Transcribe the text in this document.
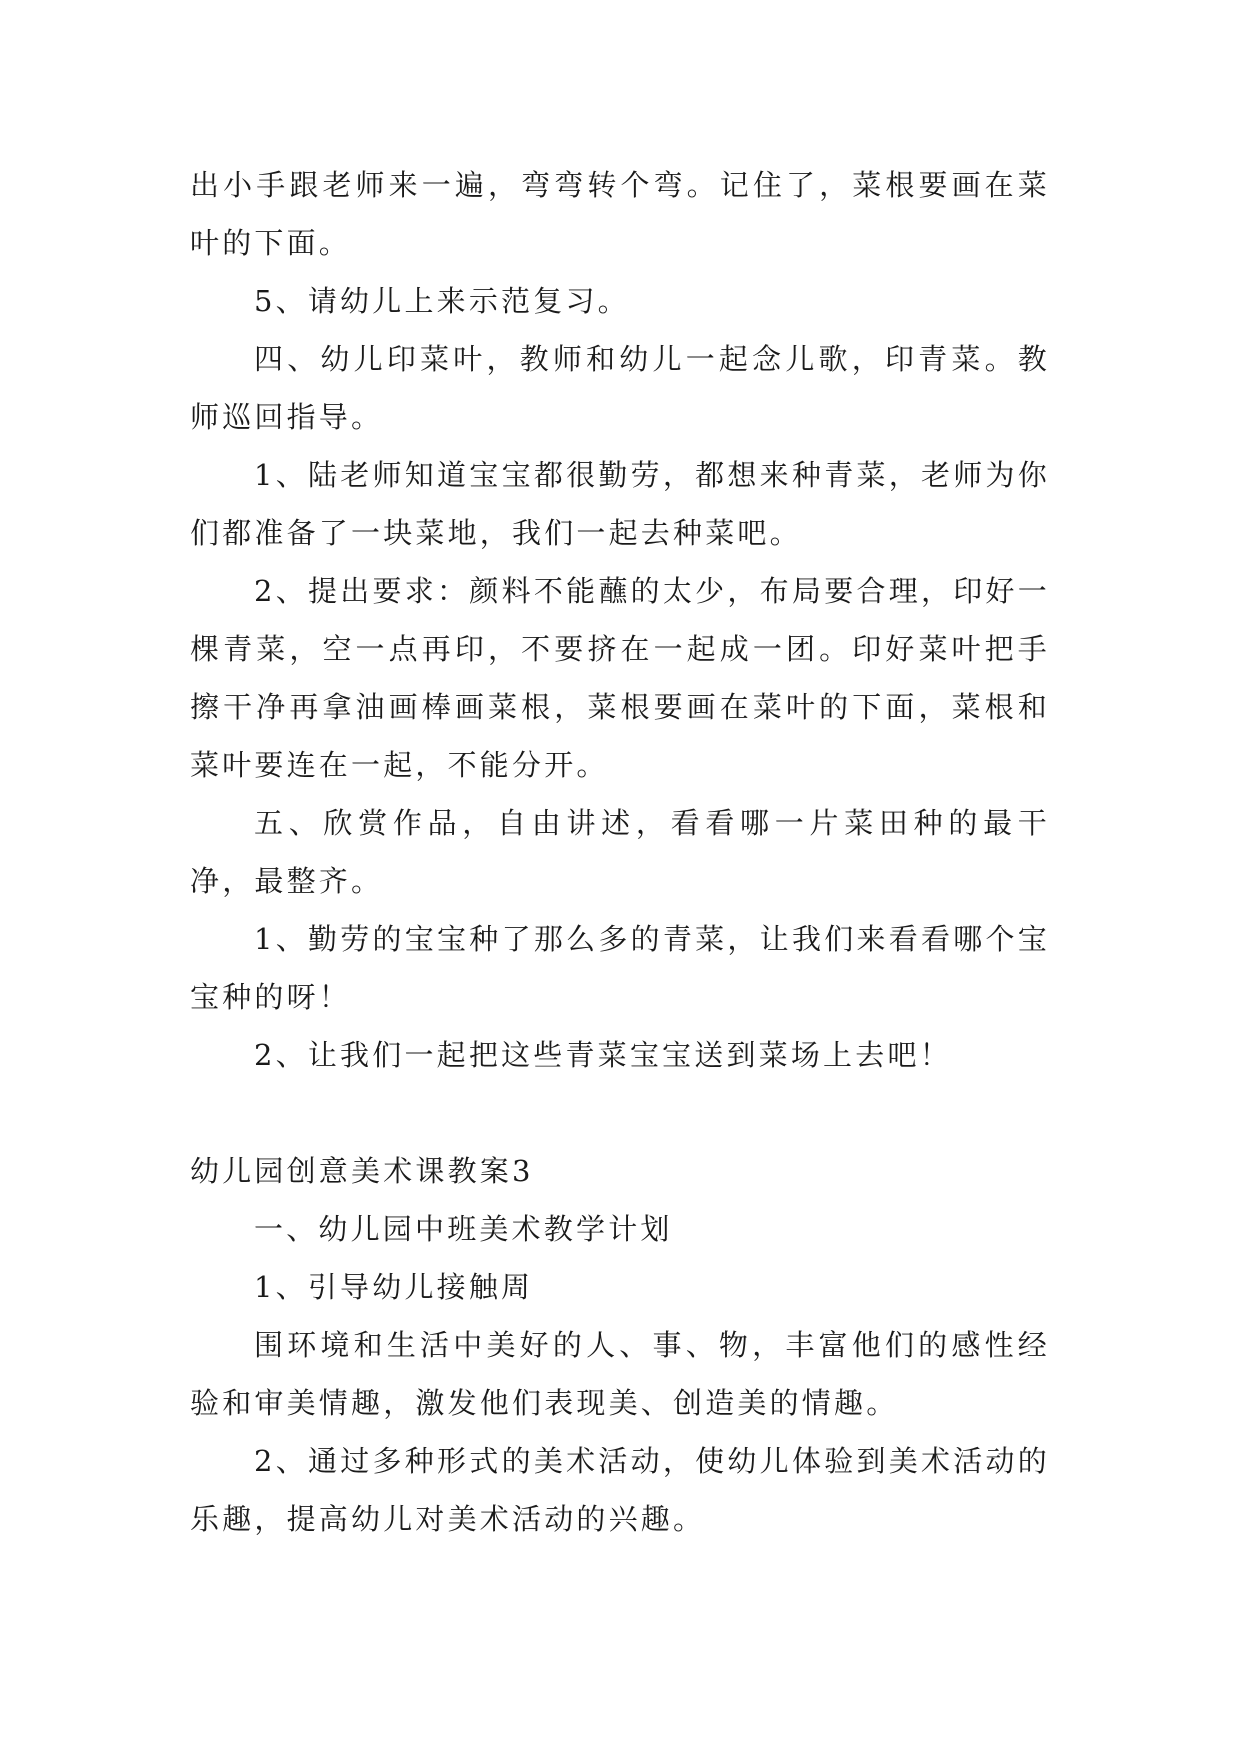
出小手跟老师来一遍，弯弯转个弯。记住了，菜根要画在菜叶的下面。

5、请幼儿上来示范复习。

四、幼儿印菜叶，教师和幼儿一起念儿歌，印青菜。教师巡回指导。

1、陆老师知道宝宝都很勤劳，都想来种青菜，老师为你们都准备了一块菜地，我们一起去种菜吧。

2、提出要求：颜料不能蘸的太少，布局要合理，印好一棵青菜，空一点再印，不要挤在一起成一团。印好菜叶把手擦干净再拿油画棒画菜根，菜根要画在菜叶的下面，菜根和菜叶要连在一起，不能分开。

五、欣赏作品，自由讲述，看看哪一片菜田种的最干净，最整齐。

1、勤劳的宝宝种了那么多的青菜，让我们来看看哪个宝宝种的呀！

2、让我们一起把这些青菜宝宝送到菜场上去吧！

幼儿园创意美术课教案3

一、幼儿园中班美术教学计划

1、引导幼儿接触周

围环境和生活中美好的人、事、物，丰富他们的感性经验和审美情趣，激发他们表现美、创造美的情趣。

2、通过多种形式的美术活动，使幼儿体验到美术活动的乐趣，提高幼儿对美术活动的兴趣。
